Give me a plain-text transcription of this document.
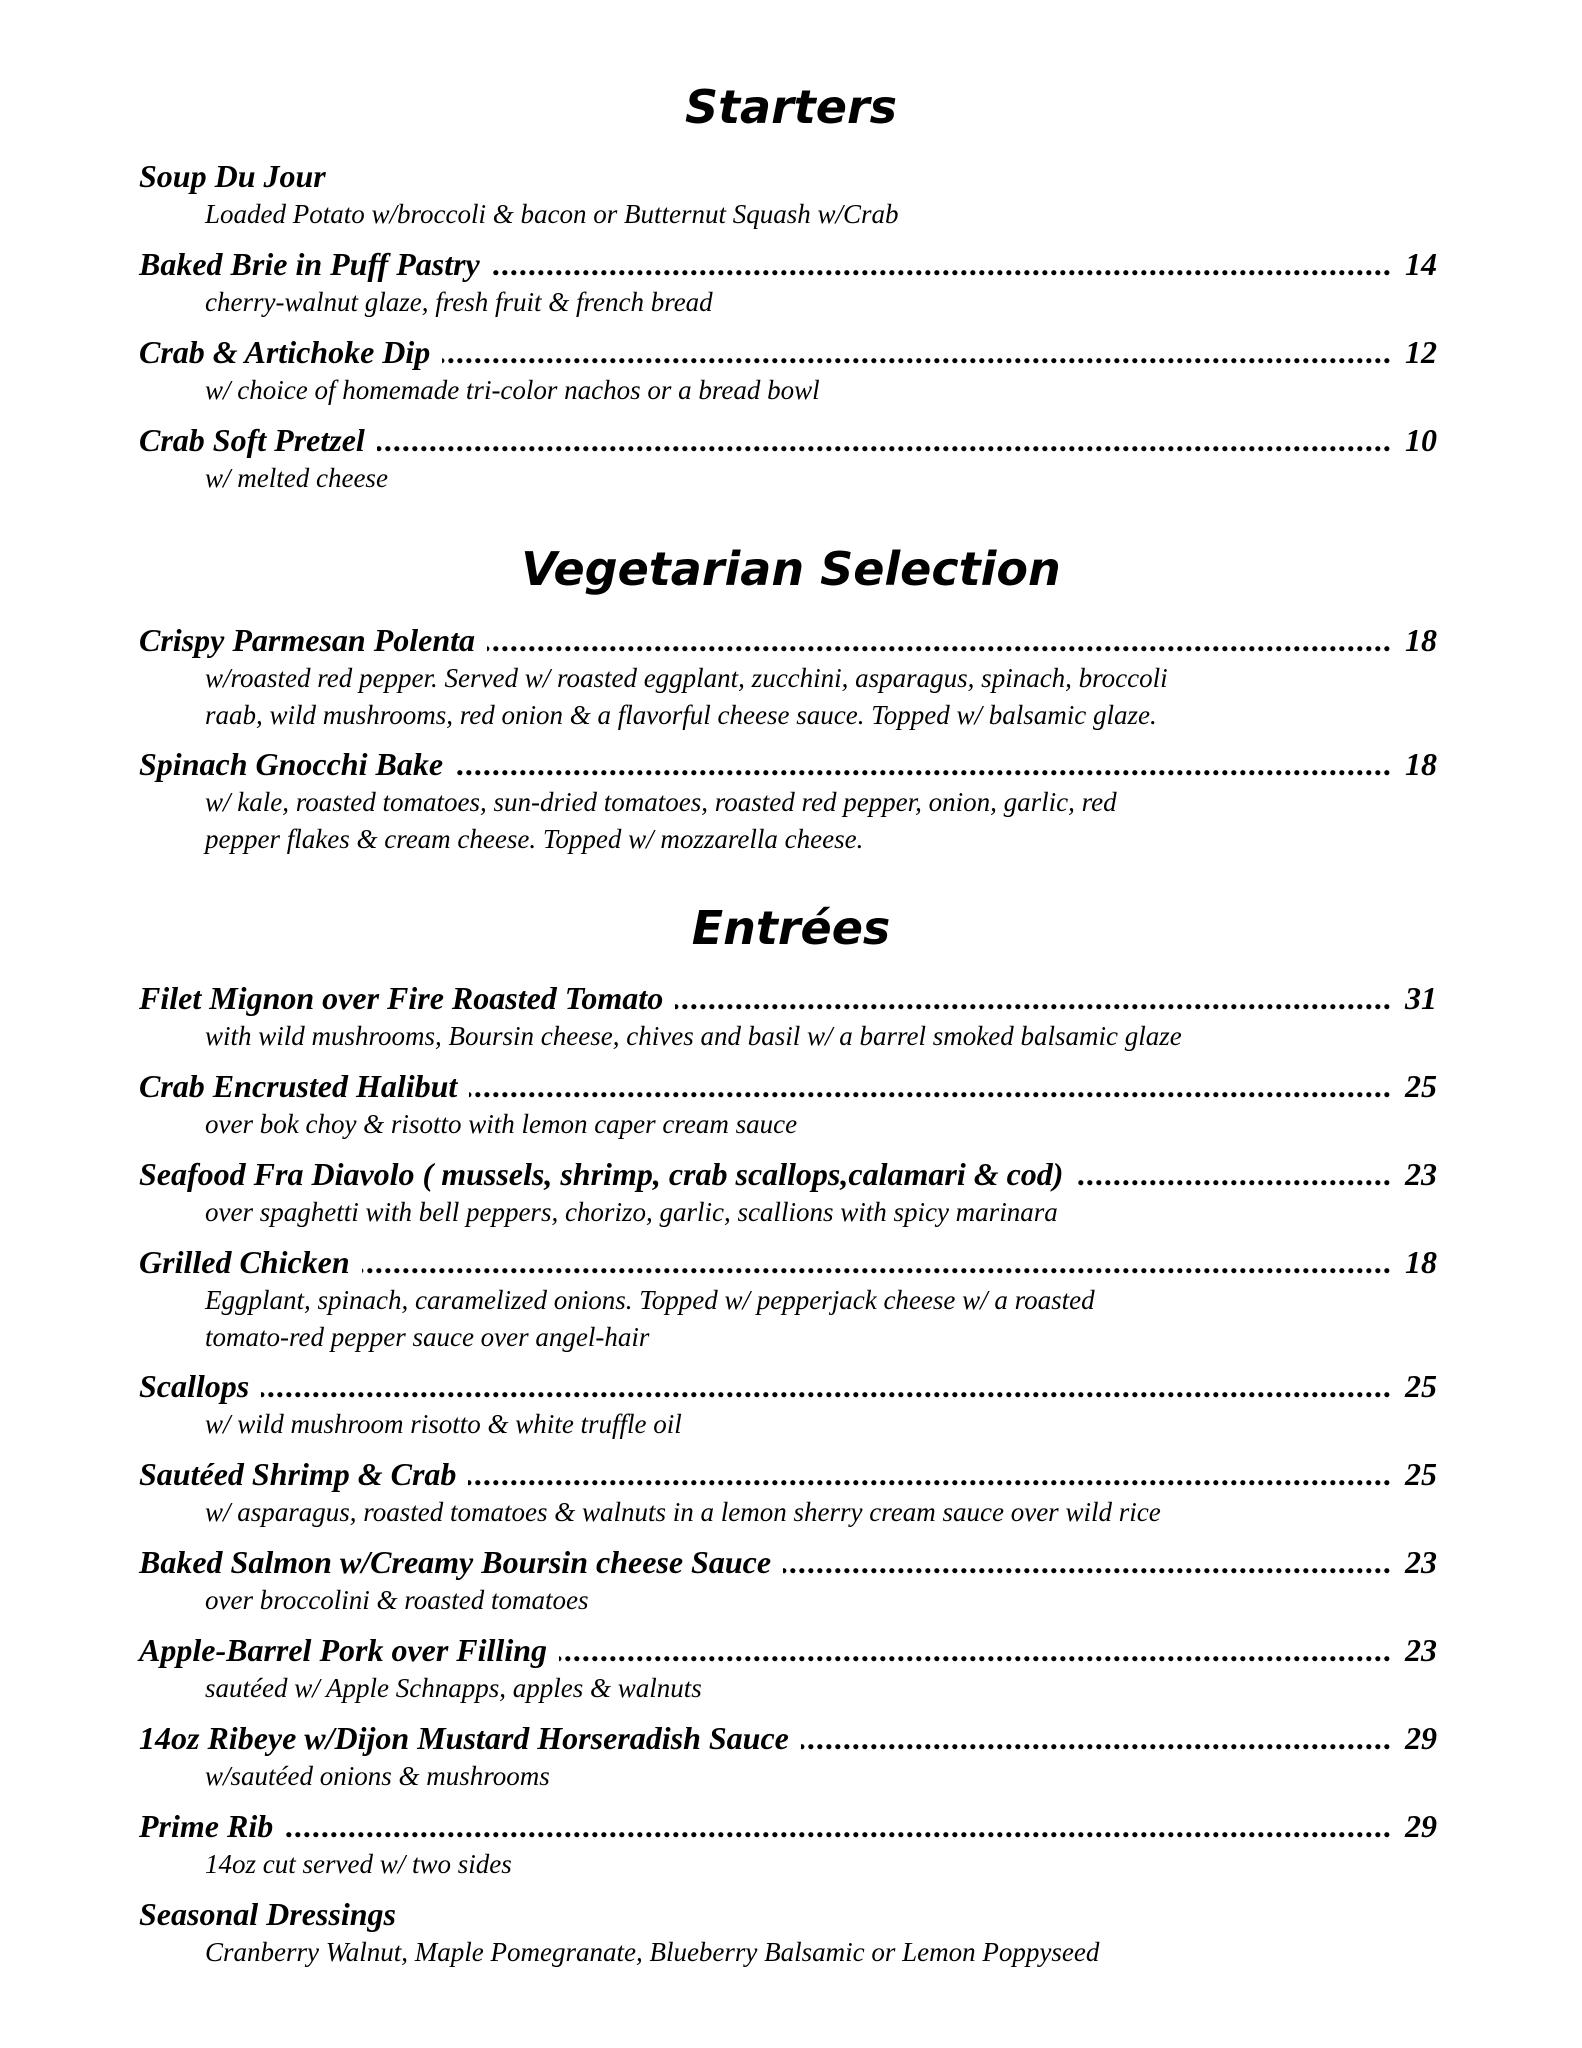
Starters
Soup Du Jour
Loaded Potato w/broccoli & bacon or Butternut Squash w/Crab
Baked Brie in Puff Pastry .....	14
cherry-walnut glaze, fresh fruit & french bread
Crab & Artichoke Dip .....	12
w/ choice of homemade tri-color nachos or a bread bowl
Crab Soft Pretzel .....	10
w/ melted cheese
Vegetarian Selection
Crispy Parmesan Polenta .....	18
w/roasted red pepper. Served w/ roasted eggplant, zucchini, asparagus, spinach, broccoli
raab, wild mushrooms, red onion & a flavorful cheese sauce. Topped w/ balsamic glaze.
Spinach Gnocchi Bake .....	18
w/ kale, roasted tomatoes, sun-dried tomatoes, roasted red pepper, onion, garlic, red
pepper flakes & cream cheese. Topped w/ mozzarella cheese.
Entrées
Filet Mignon over Fire Roasted Tomato .....	31
with wild mushrooms, Boursin cheese, chives and basil w/ a barrel smoked balsamic glaze
Crab Encrusted Halibut .....	25
over bok choy & risotto with lemon caper cream sauce
Seafood Fra Diavolo ( mussels, shrimp, crab scallops,calamari & cod) .....	23
over spaghetti with bell peppers, chorizo, garlic, scallions with spicy marinara
Grilled Chicken .....	18
Eggplant, spinach, caramelized onions. Topped w/ pepperjack cheese w/ a roasted
tomato-red pepper sauce over angel-hair
Scallops .....	25
w/ wild mushroom risotto & white truffle oil
Sautéed Shrimp & Crab .....	25
w/ asparagus, roasted tomatoes & walnuts in a lemon sherry cream sauce over wild rice
Baked Salmon w/Creamy Boursin cheese Sauce .....	23
over broccolini & roasted tomatoes
Apple-Barrel Pork over Filling .....	23
sautéed w/ Apple Schnapps, apples & walnuts
14oz Ribeye w/Dijon Mustard Horseradish Sauce .....	29
w/sautéed onions & mushrooms
Prime Rib .....	29
14oz cut served w/ two sides
Seasonal Dressings
Cranberry Walnut, Maple Pomegranate, Blueberry Balsamic or Lemon Poppyseed
